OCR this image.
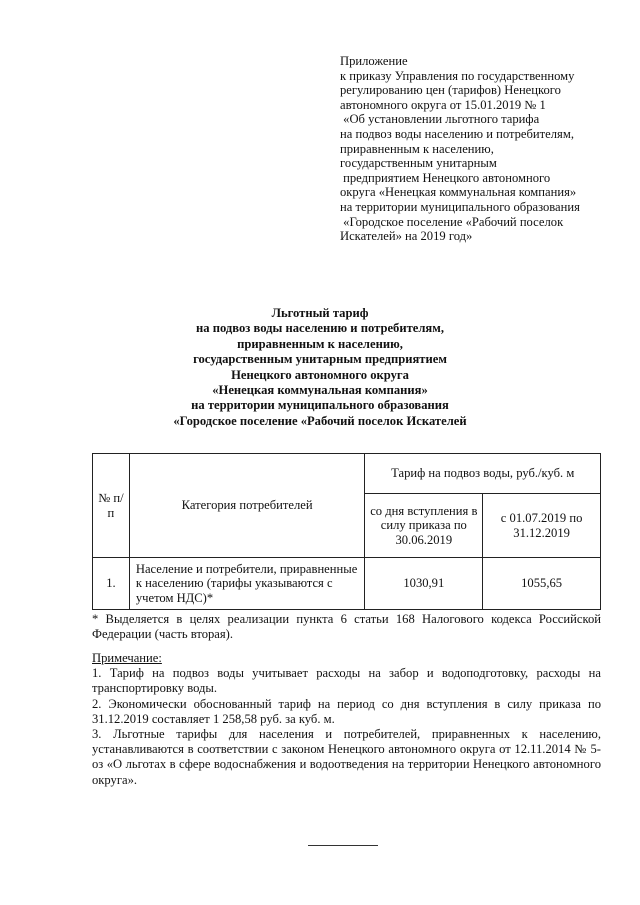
Приложение
к приказу Управления по государственному
регулированию цен (тарифов) Ненецкого
автономного округа от 15.01.2019 № 1
«Об установлении льготного тарифа
на подвоз воды населению и потребителям,
приравненным к населению,
государственным унитарным
предприятием Ненецкого автономного
округа «Ненецкая коммунальная компания»
на территории муниципального образования
«Городское поселение «Рабочий поселок
Искателей» на 2019 год»
Льготный тариф
на подвоз воды населению и потребителям,
приравненным к населению,
государственным унитарным предприятием
Ненецкого автономного округа
«Ненецкая коммунальная компания»
на территории муниципального образования
«Городское поселение «Рабочий поселок Искателей
№ п/п	Категория потребителей	Тариф на подвоз воды, руб./куб. м	
		со дня вступления в силу приказа по 30.06.2019	с 01.07.2019 по 31.12.2019
1.	Население и потребители, приравненные к населению (тарифы указываются с учетом НДС)*	1030,91	1055,65
* Выделяется в целях реализации пункта 6 статьи 168 Налогового кодекса Российской Федерации (часть вторая).

Примечание:

1. Тариф на подвоз воды учитывает расходы на забор и водоподготовку, расходы на транспортировку воды.

2. Экономически обоснованный тариф на период со дня вступления в силу приказа по 31.12.2019 составляет 1 258,58 руб. за куб. м.

3. Льготные тарифы для населения и потребителей, приравненных к населению, устанавливаются в соответствии с законом Ненецкого автономного округа от 12.11.2014 № 5-оз «О льготах в сфере водоснабжения и водоотведения на территории Ненецкого автономного округа».
